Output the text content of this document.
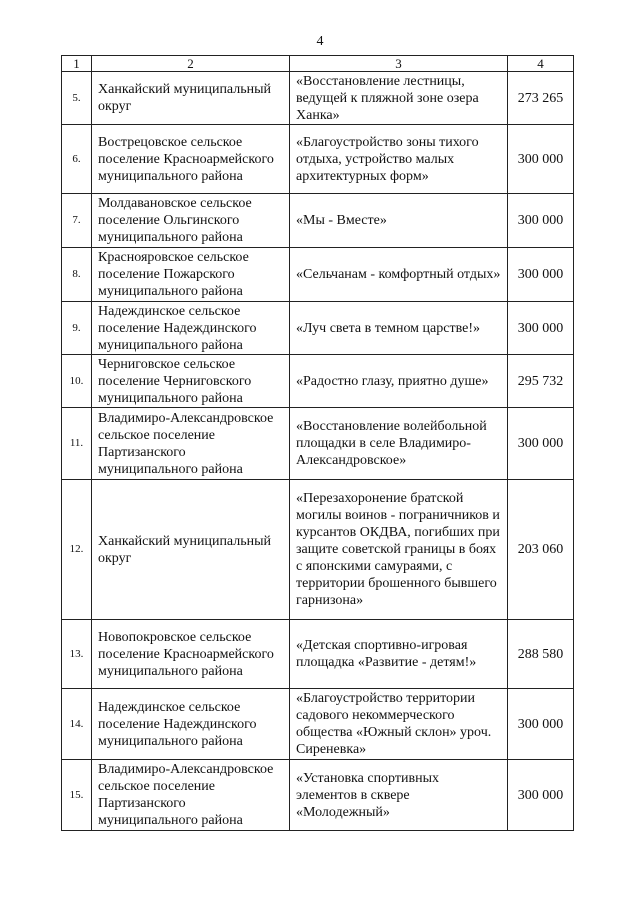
4
1	2	3	4
5.	Ханкайский муниципальный округ	«Восстановление лестницы, ведущей к пляжной зоне озера Ханка»	273 265
6.	Вострецовское сельское поселение Красноармейского муниципального района	«Благоустройство зоны тихого отдыха, устройство малых архитектурных форм»	300 000
7.	Молдавановское сельское поселение Ольгинского муниципального района	«Мы - Вместе»	300 000
8.	Краснояровское сельское поселение Пожарского муниципального района	«Сельчанам - комфортный отдых»	300 000
9.	Надеждинское сельское поселение Надеждинского муниципального района	«Луч света в темном царстве!»	300 000
10.	Черниговское сельское поселение Черниговского муниципального района	«Радостно глазу, приятно душе»	295 732
11.	Владимиро-Александровское сельское поселение Партизанского муниципального района	«Восстановление волейбольной площадки в селе Владимиро-Александровское»	300 000
12.	Ханкайский муниципальный округ	«Перезахоронение братской могилы воинов - пограничников и курсантов ОКДВА, погибших при защите советской границы в боях с японскими самураями, с территории брошенного бывшего гарнизона»	203 060
13.	Новопокровское сельское поселение Красноармейского муниципального района	«Детская спортивно-игровая площадка «Развитие - детям!»	288 580
14.	Надеждинское сельское поселение Надеждинского муниципального района	«Благоустройство территории садового некоммерческого общества «Южный склон» уроч. Сиреневка»	300 000
15.	Владимиро-Александровское сельское поселение Партизанского муниципального района	«Установка спортивных элементов в сквере «Молодежный»	300 000
